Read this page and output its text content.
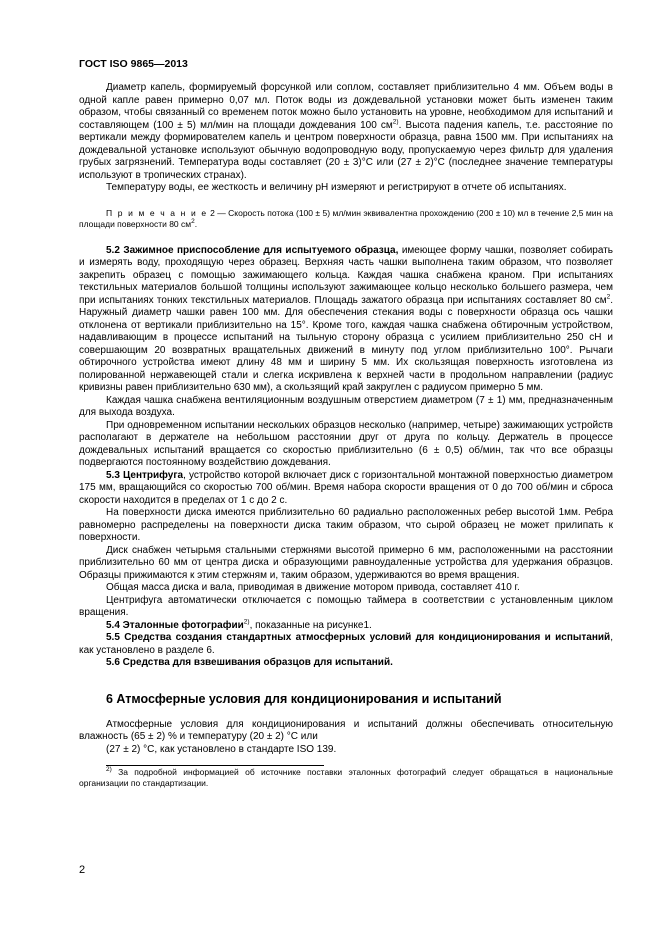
ГОСТ ISO 9865—2013

Диаметр капель, формируемый форсункой или соплом, составляет приблизительно 4 мм. Объем воды в одной капле равен примерно 0,07 мл. Поток воды из дождевальной установки может быть изменен таким образом, чтобы связанный со временем поток можно было установить на уровне, необходимом для испытаний и составляющем (100 ± 5) мл/мин на площади дождевания 100 $см^{2)}$. Высота падения капель, т.е. расстояние по вертикали между формирователем капель и центром поверхности образца, равна 1500 мм. При испытаниях на дождевальной установке используют обычную водопроводную воду, пропускаемую через фильтр для удаления грубых загрязнений. Температура воды составляет (20 ± 3)°С или (27 ± 2)°С (последнее значение температуры используют в тропических странах).

Температуру воды, ее жесткость и величину рН измеряют и регистрируют в отчете об испытаниях.

П р и м е ч а н и е 2 — Скорость потока (100 ± 5) мл/мин эквивалентна прохождению (200 ± 10) мл в течение 2,5 мин на площади поверхности 80 $см^2$.

5.2 Зажимное приспособление для испытуемого образца, имеющее форму чашки, позволяет собирать и измерять воду, проходящую через образец. Верхняя часть чашки выполнена таким образом, что позволяет закрепить образец с помощью зажимающего кольца. Каждая чашка снабжена краном. При испытаниях текстильных материалов большой толщины используют зажимающее кольцо несколько большего размера, чем при испытаниях тонких текстильных материалов. Площадь зажатого образца при испытаниях составляет 80 $см^2$. Наружный диаметр чашки равен 100 мм. Для обеспечения стекания воды с поверхности образца ось чашки отклонена от вертикали приблизительно на 15°. Кроме того, каждая чашка снабжена обтирочным устройством, надавливающим в процессе испытаний на тыльную сторону образца с усилием приблизительно 250 сН и совершающим 20 возвратных вращательных движений в минуту под углом приблизительно 100°. Рычаги обтирочного устройства имеют длину 48 мм и ширину 5 мм. Их скользящая поверхность изготовлена из полированной нержавеющей стали и слегка искривлена к верхней части в продольном направлении (радиус кривизны равен приблизительно 630 мм), а скользящий край закруглен с радиусом примерно 5 мм.

Каждая чашка снабжена вентиляционным воздушным отверстием диаметром (7 ± 1) мм, предназначенным для выхода воздуха.

При одновременном испытании нескольких образцов несколько (например, четыре) зажимающих устройств располагают в держателе на небольшом расстоянии друг от друга по кольцу. Держатель в процессе дождевальных испытаний вращается со скоростью приблизительно (6 ± 0,5) об/мин, так что все образцы подвергаются постоянному воздействию дождевания.

5.3 Центрифуга, устройство которой включает диск с горизонтальной монтажной поверхностью диаметром 175 мм, вращающийся со скоростью 700 об/мин. Время набора скорости вращения от 0 до 700 об/мин и сброса скорости находится в пределах от 1 с до 2 с.

На поверхности диска имеются приблизительно 60 радиально расположенных ребер высотой 1мм. Ребра равномерно распределены на поверхности диска таким образом, что сырой образец не может прилипать к поверхности.

Диск снабжен четырьмя стальными стержнями высотой примерно 6 мм, расположенными на расстоянии приблизительно 60 мм от центра диска и образующими равноудаленные устройства для удержания образцов. Образцы прижимаются к этим стержням и, таким образом, удерживаются во время вращения.

Общая масса диска и вала, приводимая в движение мотором привода, составляет 410 г.

Центрифуга автоматически отключается с помощью таймера в соответствии с установленным циклом вращения.

5.4 Эталонные фотографии$^{2)}$, показанные на рисунке1.

5.5 Средства создания стандартных атмосферных условий для кондиционирования и испытаний, как установлено в разделе 6.

5.6 Средства для взвешивания образцов для испытаний.

6 Атмосферные условия для кондиционирования и испытаний

Атмосферные условия для кондиционирования и испытаний должны обеспечивать относительную влажность (65 ± 2) % и температуру (20 ± 2) °С или

(27 ± 2) °С, как установлено в стандарте ISO 139.

$^{2)}$ За подробной информацией об источнике поставки эталонных фотографий следует обращаться в национальные организации по стандартизации.

2
